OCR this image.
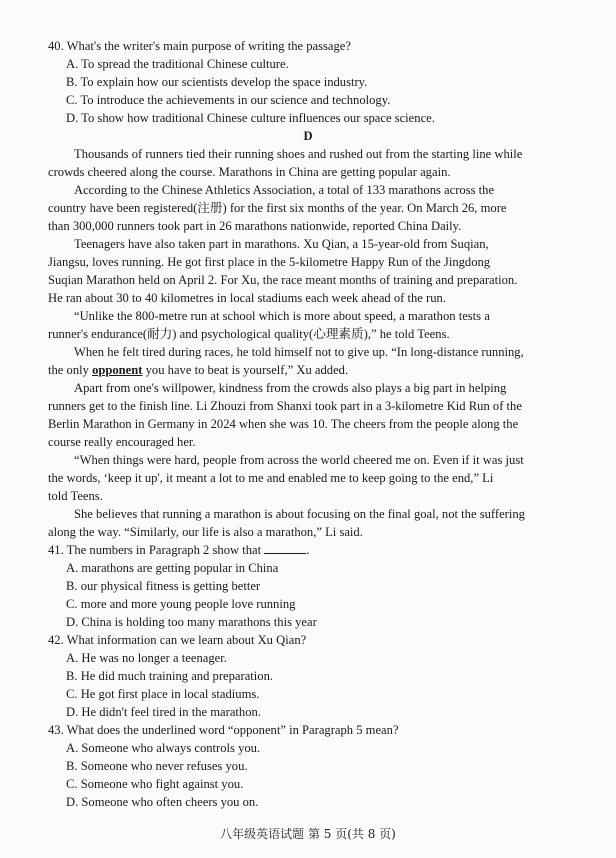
40. What's the writer's main purpose of writing the passage?
A. To spread the traditional Chinese culture.
B. To explain how our scientists develop the space industry.
C. To introduce the achievements in our science and technology.
D. To show how traditional Chinese culture influences our space science.
D
Thousands of runners tied their running shoes and rushed out from the starting line while
crowds cheered along the course. Marathons in China are getting popular again.
According to the Chinese Athletics Association, a total of 133 marathons across the
country have been registered(注册) for the first six months of the year. On March 26, more
than 300,000 runners took part in 26 marathons nationwide, reported China Daily.
Teenagers have also taken part in marathons. Xu Qian, a 15-year-old from Suqian,
Jiangsu, loves running. He got first place in the 5-kilometre Happy Run of the Jingdong
Suqian Marathon held on April 2. For Xu, the race meant months of training and preparation.
He ran about 30 to 40 kilometres in local stadiums each week ahead of the run.
“Unlike the 800-metre run at school which is more about speed, a marathon tests a
runner's endurance(耐力) and psychological quality(心理素质),” he told Teens.
When he felt tired during races, he told himself not to give up. “In long-distance running,
the only opponent you have to beat is yourself,” Xu added.
Apart from one's willpower, kindness from the crowds also plays a big part in helping
runners get to the finish line. Li Zhouzi from Shanxi took part in a 3-kilometre Kid Run of the
Berlin Marathon in Germany in 2024 when she was 10. The cheers from the people along the
course really encouraged her.
“When things were hard, people from across the world cheered me on. Even if it was just
the words, ‘keep it up', it meant a lot to me and enabled me to keep going to the end,” Li
told Teens.
She believes that running a marathon is about focusing on the final goal, not the suffering
along the way. “Similarly, our life is also a marathon,” Li said.
41. The numbers in Paragraph 2 show that	.
A. marathons are getting popular in China
B. our physical fitness is getting better
C. more and more young people love running
D. China is holding too many marathons this year
42. What information can we learn about Xu Qian?
A. He was no longer a teenager.
B. He did much training and preparation.
C. He got first place in local stadiums.
D. He didn't feel tired in the marathon.
43. What does the underlined word “opponent” in Paragraph 5 mean?
A. Someone who always controls you.
B. Someone who never refuses you.
C. Someone who fight against you.
D. Someone who often cheers you on.
八年级英语试题 第 5 页(共 8 页)
